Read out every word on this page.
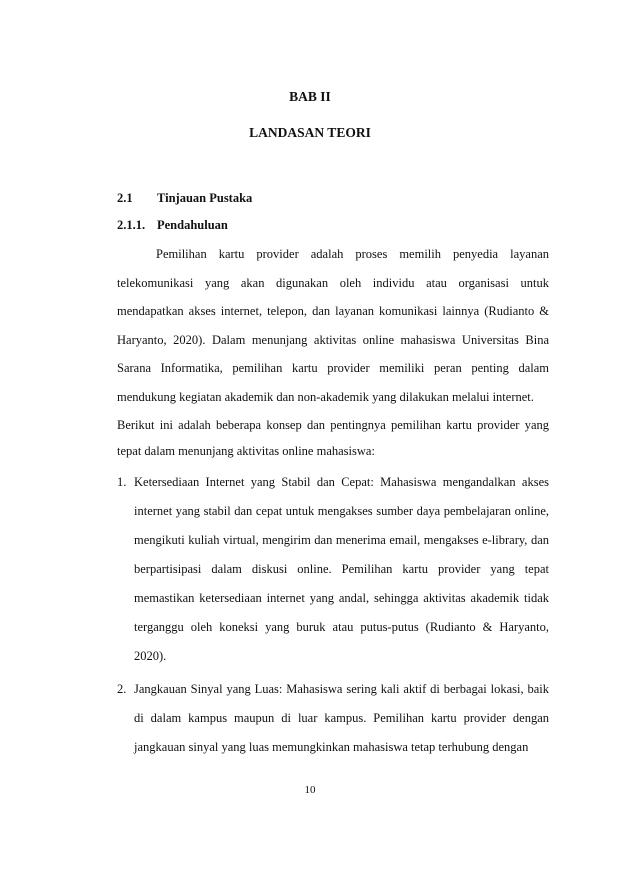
BAB II
LANDASAN TEORI
2.1 Tinjauan Pustaka
2.1.1. Pendahuluan
Pemilihan kartu provider adalah proses memilih penyedia layanan telekomunikasi yang akan digunakan oleh individu atau organisasi untuk mendapatkan akses internet, telepon, dan layanan komunikasi lainnya (Rudianto & Haryanto, 2020). Dalam menunjang aktivitas online mahasiswa Universitas Bina Sarana Informatika, pemilihan kartu provider memiliki peran penting dalam mendukung kegiatan akademik dan non-akademik yang dilakukan melalui internet.
Berikut ini adalah beberapa konsep dan pentingnya pemilihan kartu provider yang tepat dalam menunjang aktivitas online mahasiswa:
1. Ketersediaan Internet yang Stabil dan Cepat: Mahasiswa mengandalkan akses internet yang stabil dan cepat untuk mengakses sumber daya pembelajaran online, mengikuti kuliah virtual, mengirim dan menerima email, mengakses e-library, dan berpartisipasi dalam diskusi online. Pemilihan kartu provider yang tepat memastikan ketersediaan internet yang andal, sehingga aktivitas akademik tidak terganggu oleh koneksi yang buruk atau putus-putus (Rudianto & Haryanto, 2020).
2. Jangkauan Sinyal yang Luas: Mahasiswa sering kali aktif di berbagai lokasi, baik di dalam kampus maupun di luar kampus. Pemilihan kartu provider dengan jangkauan sinyal yang luas memungkinkan mahasiswa tetap terhubung dengan
10
